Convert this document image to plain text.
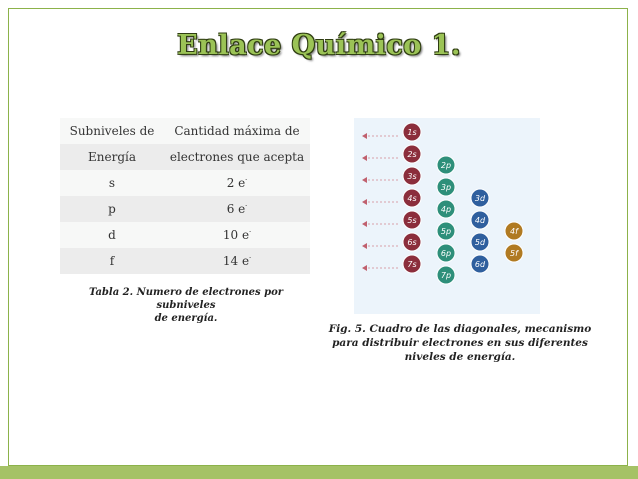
Enlace Químico 1.
Subniveles de	Cantidad máxima de
Energía	electrones que acepta
s	2 e-
p	6 e-
d	10 e-
f	14 e-
Tabla 2. Numero de electrones por subniveles
de energía.
1s
2s
2p
3s
3p
3d
4s
4p
4d
4f
5s
5p
5d
5f
6s
6p
6d
7s
7p
Fig. 5. Cuadro de las diagonales, mecanismo
para distribuir electrones en sus diferentes
niveles de energía.
